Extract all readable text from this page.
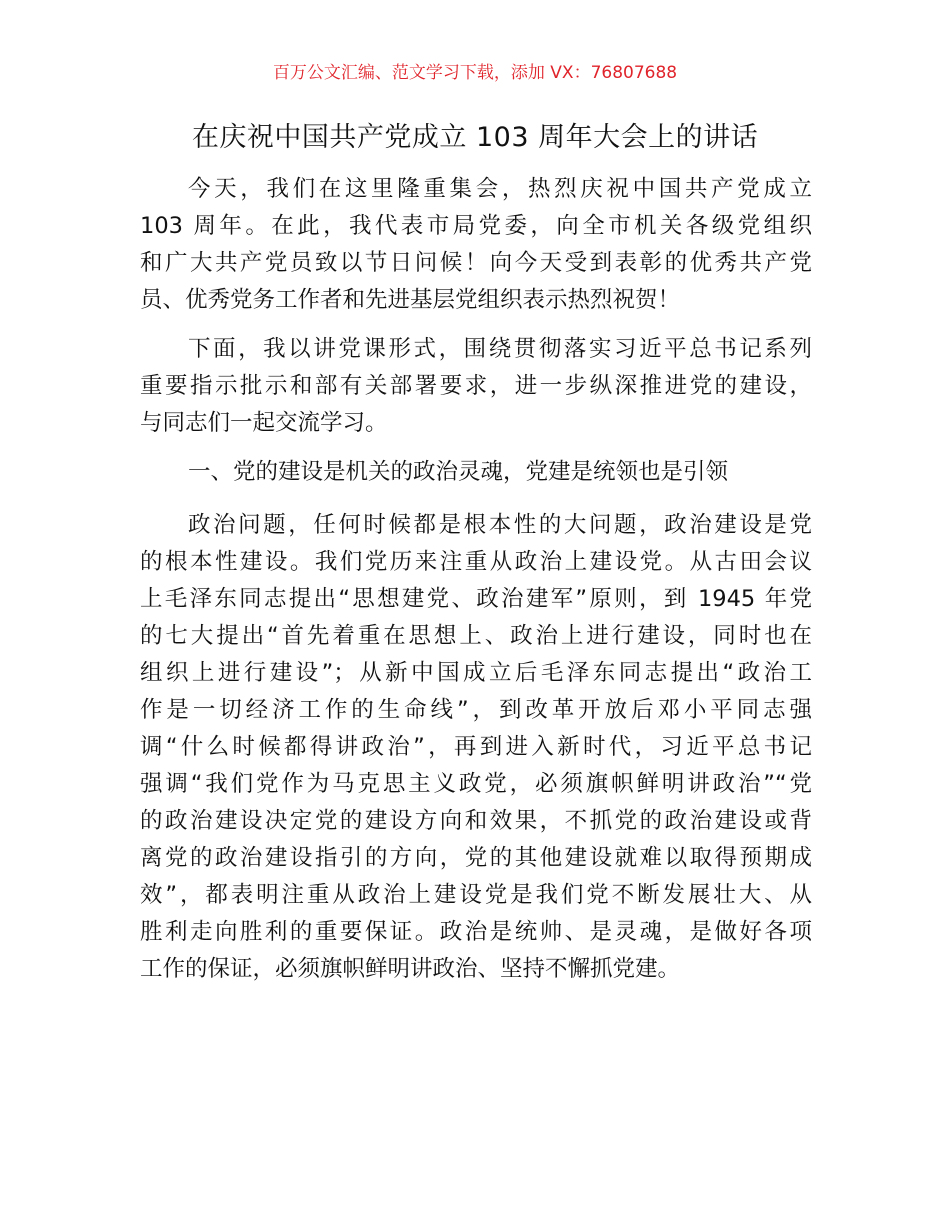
百万公文汇编、范文学习下载，添加 VX：76807688
在庆祝中国共产党成立 103 周年大会上的讲话
今天，我们在这里隆重集会，热烈庆祝中国共产党成立
103 周年。在此，我代表市局党委，向全市机关各级党组织
和广大共产党员致以节日问候！向今天受到表彰的优秀共产党
员、优秀党务工作者和先进基层党组织表示热烈祝贺！
下面，我以讲党课形式，围绕贯彻落实习近平总书记系列
重要指示批示和部有关部署要求，进一步纵深推进党的建设，
与同志们一起交流学习。
一、党的建设是机关的政治灵魂，党建是统领也是引领
政治问题，任何时候都是根本性的大问题，政治建设是党
的根本性建设。我们党历来注重从政治上建设党。从古田会议
上毛泽东同志提出“思想建党、政治建军”原则，到 1945 年党
的七大提出“首先着重在思想上、政治上进行建设，同时也在
组织上进行建设”；从新中国成立后毛泽东同志提出“政治工
作是一切经济工作的生命线”，到改革开放后邓小平同志强
调“什么时候都得讲政治”，再到进入新时代，习近平总书记
强调“我们党作为马克思主义政党，必须旗帜鲜明讲政治”“党
的政治建设决定党的建设方向和效果，不抓党的政治建设或背
离党的政治建设指引的方向，党的其他建设就难以取得预期成
效”，都表明注重从政治上建设党是我们党不断发展壮大、从
胜利走向胜利的重要保证。政治是统帅、是灵魂，是做好各项
工作的保证，必须旗帜鲜明讲政治、坚持不懈抓党建。
